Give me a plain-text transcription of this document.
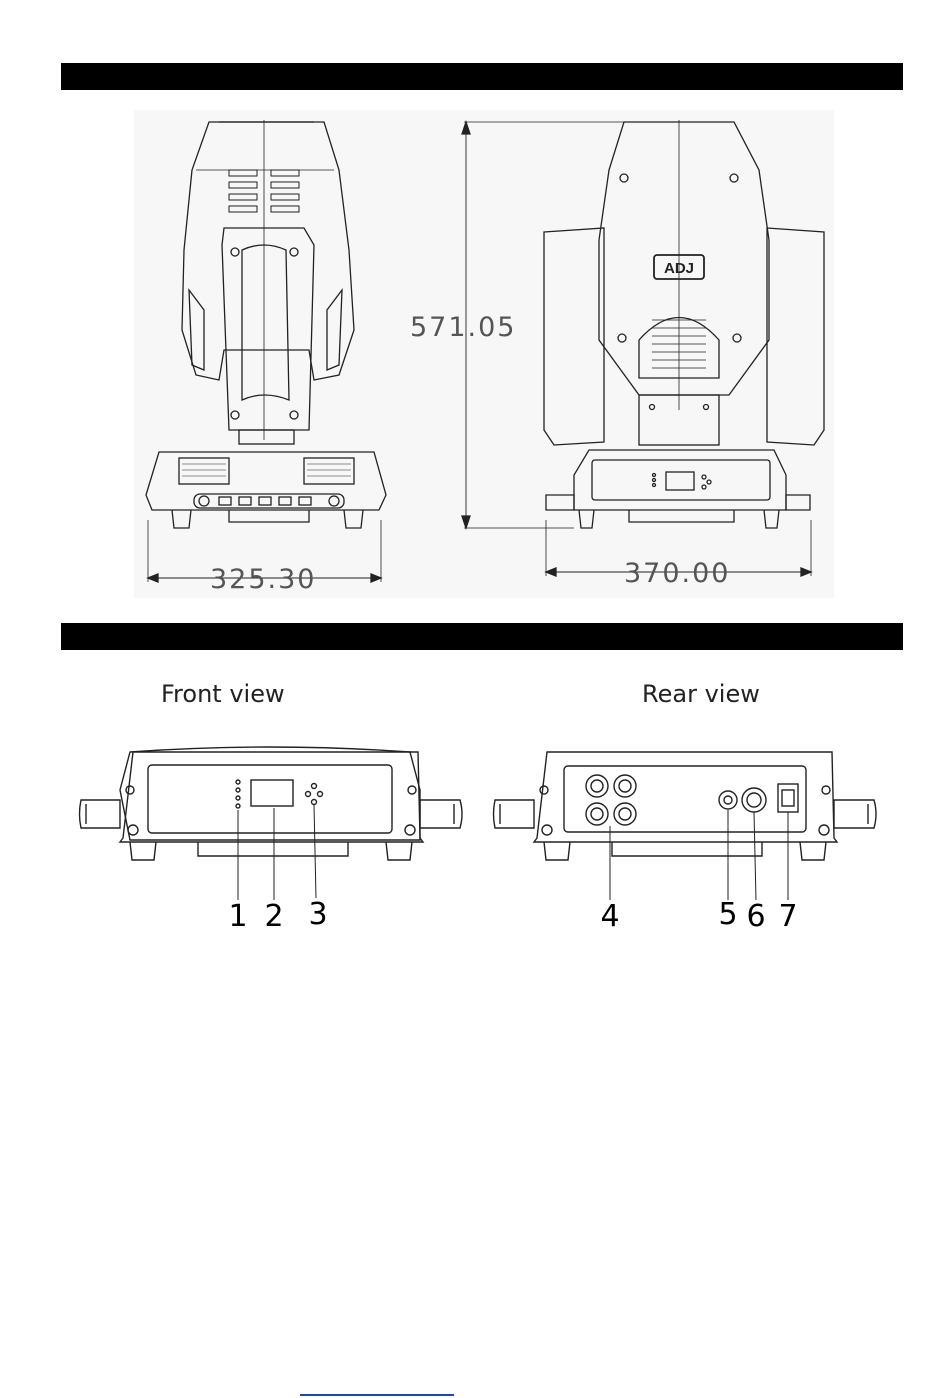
325.30
571.05
370.00
ADJ
Front view	Rear view
1 2 3	4	5 6 7
